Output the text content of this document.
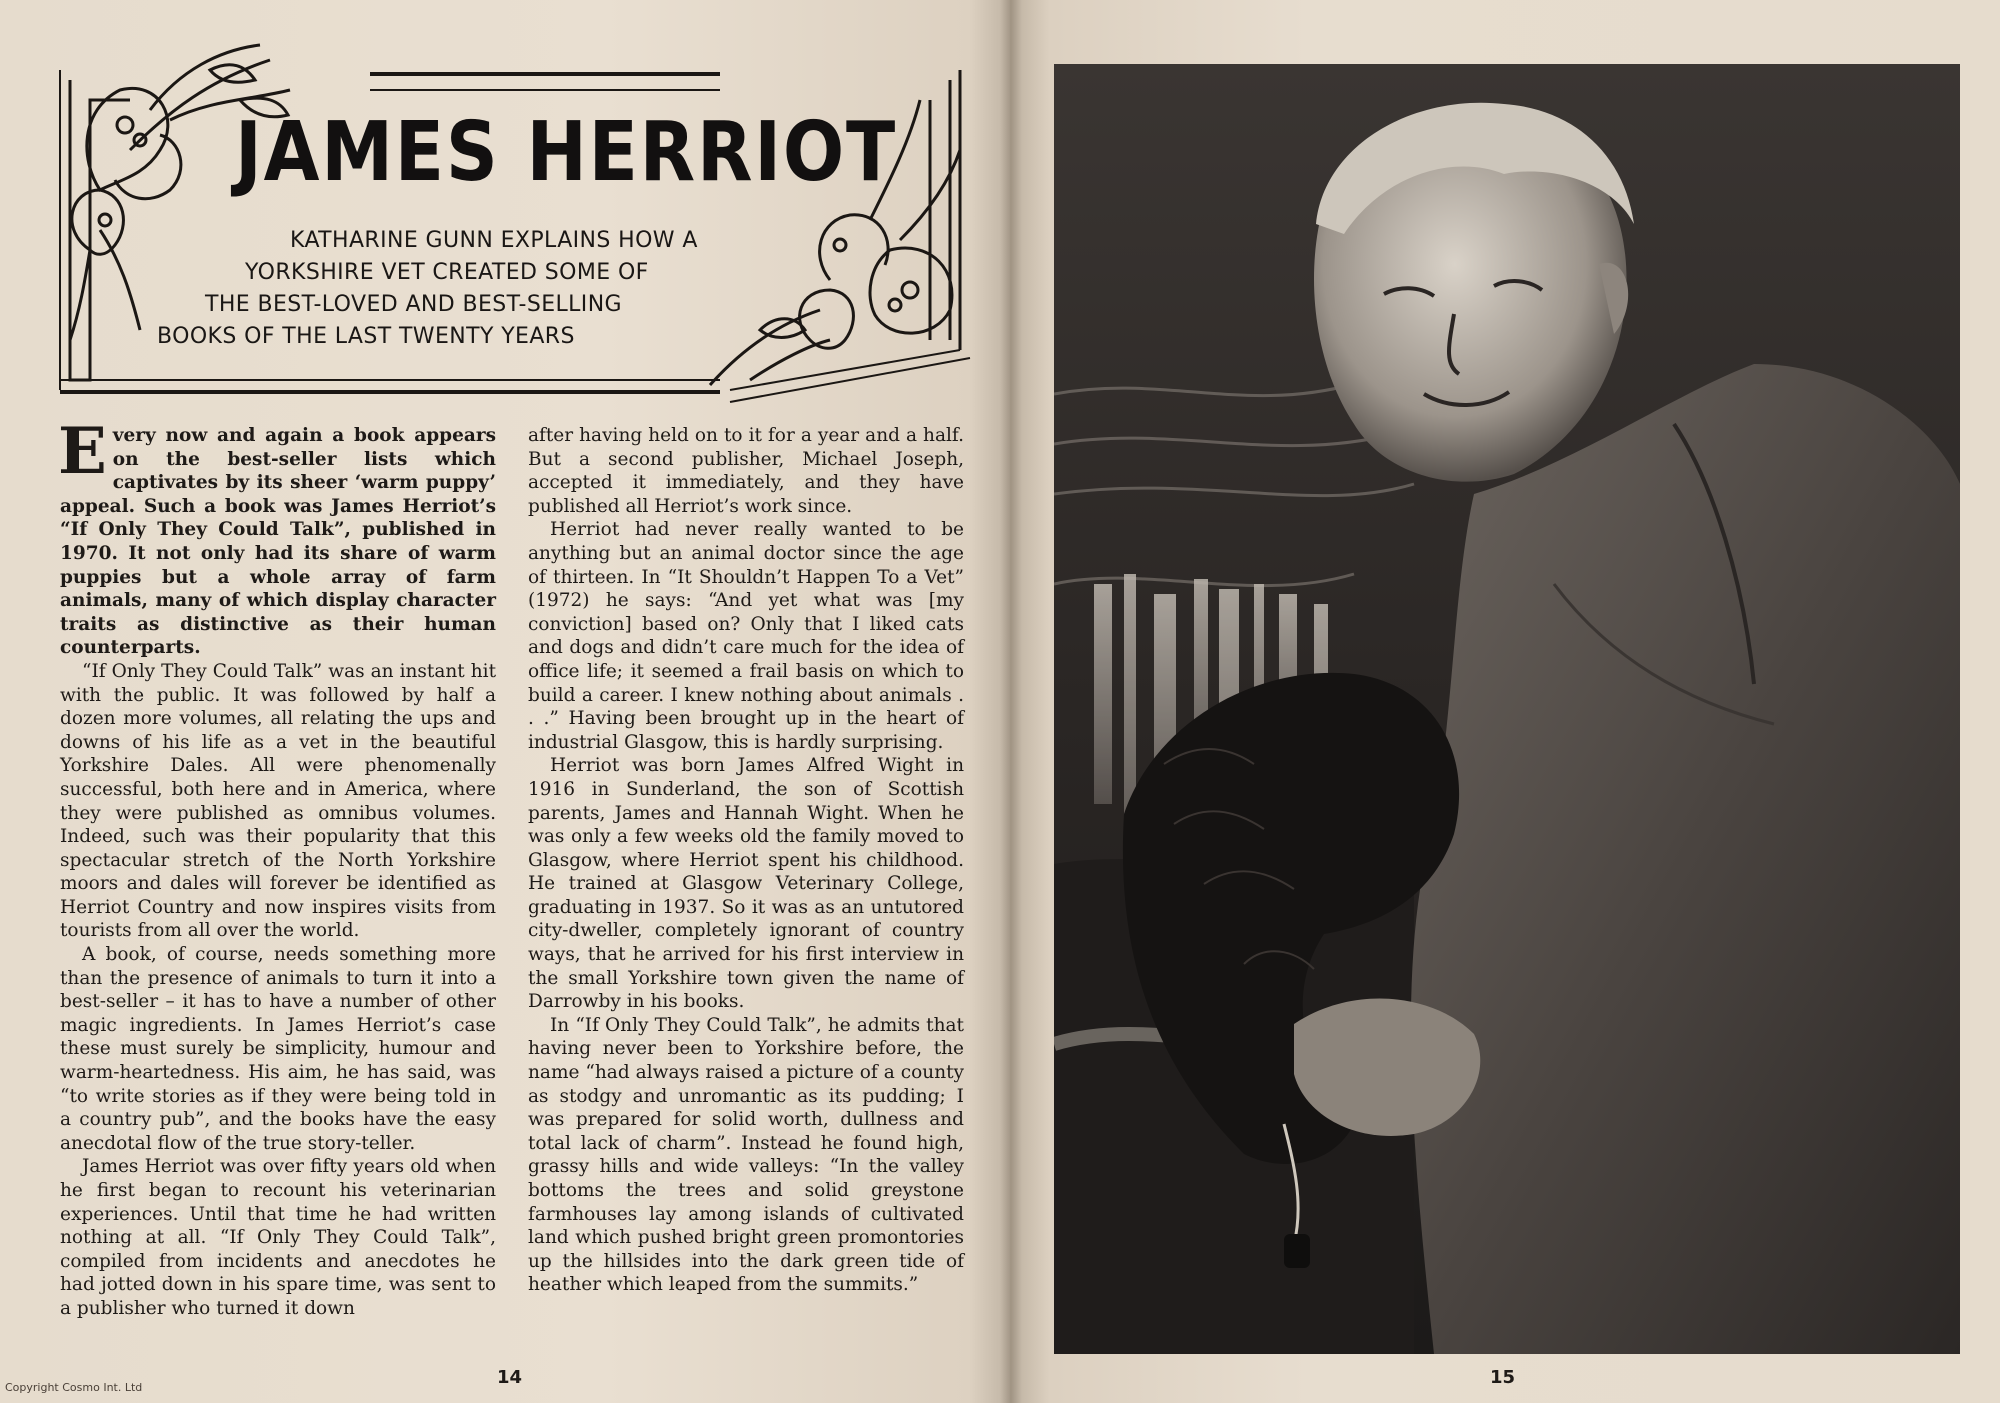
JAMES HERRIOT

KATHARINE GUNN EXPLAINS HOW A

YORKSHIRE VET CREATED SOME OF

THE BEST-LOVED AND BEST-SELLING

BOOKS OF THE LAST TWENTY YEARS

Every now and again a book appears on the best-seller lists which captivates by its sheer ‘warm puppy’ appeal. Such a book was James Herriot’s “If Only They Could Talk”, published in 1970. It not only had its share of warm puppies but a whole array of farm animals, many of which display character traits as distinctive as their human counterparts.

“If Only They Could Talk” was an instant hit with the public. It was followed by half a dozen more volumes, all relating the ups and downs of his life as a vet in the beautiful Yorkshire Dales. All were phenomenally successful, both here and in America, where they were published as omnibus volumes. Indeed, such was their popularity that this spectacular stretch of the North Yorkshire moors and dales will forever be identified as Herriot Country and now inspires visits from tourists from all over the world.

A book, of course, needs something more than the presence of animals to turn it into a best-seller – it has to have a number of other magic ingredients. In James Herriot’s case these must surely be simplicity, humour and warm-heartedness. His aim, he has said, was “to write stories as if they were being told in a country pub”, and the books have the easy anecdotal flow of the true story-teller.

James Herriot was over fifty years old when he first began to recount his veterinarian experiences. Until that time he had written nothing at all. “If Only They Could Talk”, compiled from incidents and anecdotes he had jotted down in his spare time, was sent to a publisher who turned it down

after having held on to it for a year and a half. But a second publisher, Michael Joseph, accepted it immediately, and they have published all Herriot’s work since.

Herriot had never really wanted to be anything but an animal doctor since the age of thirteen. In “It Shouldn’t Happen To a Vet” (1972) he says: “And yet what was [my conviction] based on? Only that I liked cats and dogs and didn’t care much for the idea of office life; it seemed a frail basis on which to build a career. I knew nothing about animals . . .” Having been brought up in the heart of industrial Glasgow, this is hardly surprising.

Herriot was born James Alfred Wight in 1916 in Sunderland, the son of Scottish parents, James and Hannah Wight. When he was only a few weeks old the family moved to Glasgow, where Herriot spent his childhood. He trained at Glasgow Veterinary College, graduating in 1937. So it was as an untutored city-dweller, completely ignorant of country ways, that he arrived for his first interview in the small Yorkshire town given the name of Darrowby in his books.

In “If Only They Could Talk”, he admits that having never been to Yorkshire before, the name “had always raised a picture of a county as stodgy and unromantic as its pudding; I was prepared for solid worth, dullness and total lack of charm”. Instead he found high, grassy hills and wide valleys: “In the valley bottoms the trees and solid greystone farmhouses lay among islands of cultivated land which pushed bright green promontories up the hillsides into the dark green tide of heather which leaped from the summits.”

14

Copyright Cosmo Int. Ltd	15
